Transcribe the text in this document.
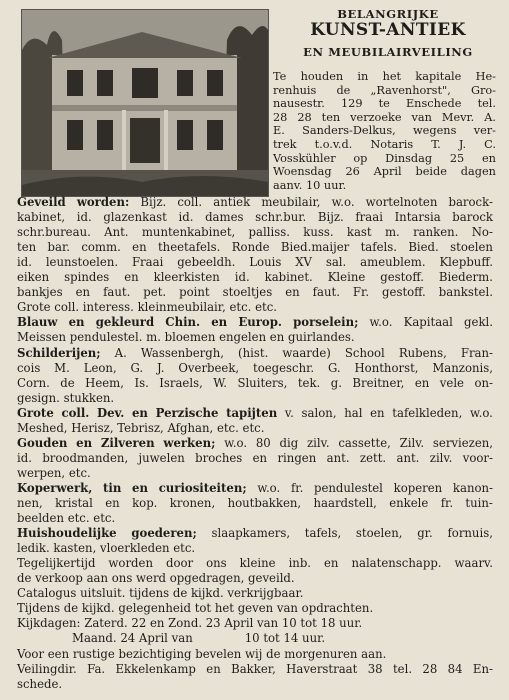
BELANGRIJKE

KUNST-ANTIEK

EN MEUBILAIRVEILING

Te houden in het kapitale He-
renhuis de „Ravenhorst", Gro-
nausestr. 129 te Enschede tel.
28 28 ten verzoeke van Mevr. A.
E. Sanders-Delkus, wegens ver-
trek t.o.v.d. Notaris T. J. C.
Vosskühler op Dinsdag 25 en
Woensdag 26 April beide dagen
aanv. 10 uur.
Geveild worden: Bijz. coll. antiek meubilair, w.o. wortelnoten barock-
kabinet, id. glazenkast id. dames schr.bur. Bijz. fraai Intarsia barock
schr.bureau. Ant. muntenkabinet, palliss. kuss. kast m. ranken. No-
ten bar. comm. en theetafels. Ronde Bied.maijer tafels. Bied. stoelen
id. leunstoelen. Fraai gebeeldh. Louis XV sal. ameublem. Klepbuff.
eiken spindes en kleerkisten id. kabinet. Kleine gestoff. Biederm.
bankjes en faut. pet. point stoeltjes en faut. Fr. gestoff. bankstel.
Grote coll. interess. kleinmeubilair, etc. etc.
Blauw en gekleurd Chin. en Europ. porselein; w.o. Kapitaal gekl.
Meissen pendulestel. m. bloemen engelen en guirlandes.
Schilderijen; A. Wassenbergh, (hist. waarde) School Rubens, Fran-
cois M. Leon, G. J. Overbeek, toegeschr. G. Honthorst, Manzonis,
Corn. de Heem, Is. Israels, W. Sluiters, tek. g. Breitner, en vele on-
gesign. stukken.
Grote coll. Dev. en Perzische tapijten v. salon, hal en tafelkleden, w.o.
Meshed, Herisz, Tebrisz, Afghan, etc. etc.
Gouden en Zilveren werken; w.o. 80 dig zilv. cassette, Zilv. serviezen,
id. broodmanden, juwelen broches en ringen ant. zett. ant. zilv. voor-
werpen, etc.
Koperwerk, tin en curiositeiten; w.o. fr. pendulestel koperen kanon-
nen, kristal en kop. kronen, houtbakken, haardstell, enkele fr. tuin-
beelden etc. etc.
Huishoudelijke goederen; slaapkamers, tafels, stoelen, gr. fornuis,
ledik. kasten, vloerkleden etc.
Tegelijkertijd worden door ons kleine inb. en nalatenschapp. waarv.
de verkoop aan ons werd opgedragen, geveild.
Catalogus uitsluit. tijdens de kijkd. verkrijgbaar.
Tijdens de kijkd. gelegenheid tot het geven van opdrachten.
Kijkdagen: Zaterd. 22 en Zond. 23 April van 10 tot 18 uur.
Maand. 24 April van              10 tot 14 uur.
Voor een rustige bezichtiging bevelen wij de morgenuren aan.
Veilingdir. Fa. Ekkelenkamp en Bakker, Haverstraat 38 tel. 28 84 En-
schede.
